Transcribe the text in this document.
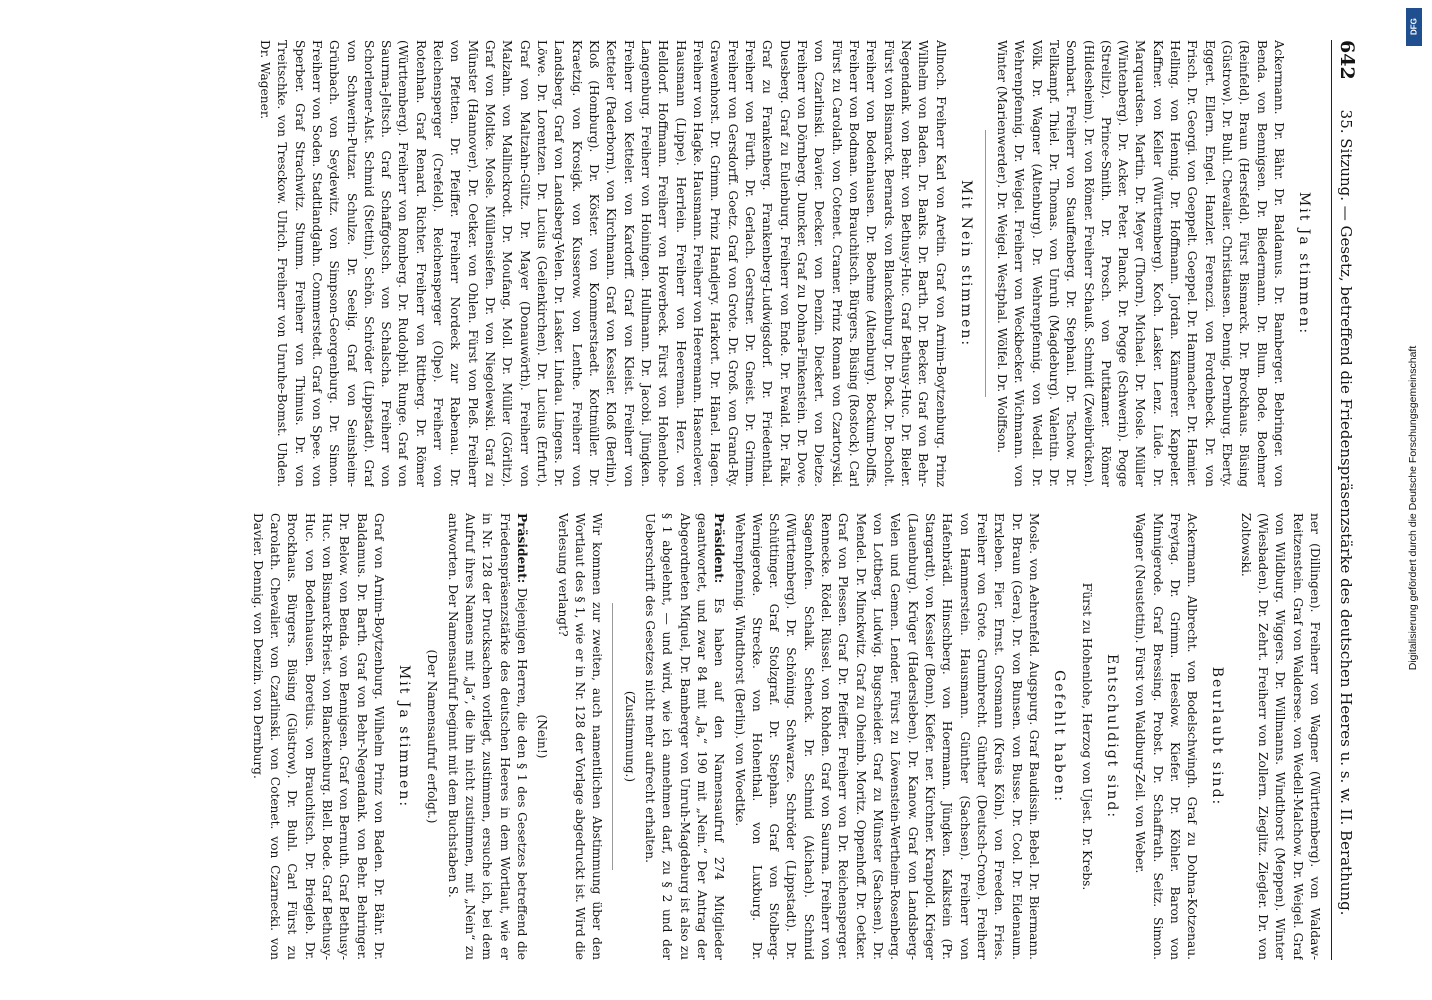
642
35. Sitzung. — Gesetz, betreffend die Friedenspräsenzstärke des deutschen Heeres u. s. w. II. Berathung.
Mit Ja stimmen:

Ackermann. Dr. Bähr. Dr. Baldamus. Dr. Bamberger. Bebringer. von Benda. von Bennigsen. Dr. Biedermann. Dr. Blum. Bode. Boehmer (Reinfeld). Braun (Hersfeld). Fürst Bismarck. Dr. Brockhaus. Büsing (Güstrow). Dr. Buhl. Chevalier. Christiansen. Dennig. Dernburg. Eberty. Eggert. Ellern. Engel. Hanzler. Ferenczi. von Fordenbeck. Dr. von Frisch. Dr. Georgi. von Goeppelt. Goeppel. Dr. Hammacher. Dr. Hamier. Helling. von Hennig. Dr. Hoffmann. Jordan. Kämmerer. Kappeler. Kaffner. von Keller (Württemberg). Koch. Lasker. Lenz. Lüde. Dr. Marquardsen. Martin. Dr. Meyer (Thorn). Michael. Dr. Mosle. Müller (Wintenberg). Dr. Acker. Peter. Planck. Dr. Pogge (Schwerin). Pogge (Strelitz). Prince-Smith. Dr. Prosch. von Puttkamer. Römer (Hildesheim). Dr. von Römer. Freiherr Schauß. Schmidt (Zweibrücken). Sombart. Freiherr von Stauffenberg. Dr. Stephani. Dr. Tschow. Dr. Tellkampf. Thiel. Dr. Thomas. von Unruh (Magdeburg). Valentin. Dr. Völk. Dr. Wagner (Altenburg). Dr. Wehrenpfennig. von Wedell. Dr. Wehrenpfennig. Dr. Weigel. Freiherr von Weckbecker. Wichmann. von Winter (Marienwerder). Dr. Weigel. Westphal. Wölfel. Dr. Wolffson.

Mit Nein stimmen:

Allnoch. Freiherr Karl von Aretin. Graf von Arnim-Boytzenburg. Prinz Wilhelm von Baden. Dr. Banks. Dr. Barth. Dr. Becker. Graf von Behr-Negendank. von Behr. von Bethusy-Huc. Graf Bethusy-Huc. Dr. Bieler. Fürst von Bismarck. Bernards. von Blanckenburg. Dr. Bock. Dr. Bocholt. Freiherr von Bodenhausen. Dr. Boehme (Altenburg). Bockum-Dolffs. Freiherr von Bodman. von Brauchitsch. Bürgers. Büsing (Rostock). Carl Fürst zu Carolath. von Cotenet. Cramer. Prinz Roman von Czartoryski. von Czarlinski. Davier. Decker. von Denzin. Dieckert. von Dietze. Freiherr von Dörnberg. Duncker. Graf zu Dohna-Finkenstein. Dr. Dove. Duesberg. Graf zu Eulenburg. Freiherr von Ende. Dr. Ewald. Dr. Falk. Graf zu Frankenberg. Frankenberg-Ludwigsdorf. Dr. Friedenthal. Freiherr von Fürth. Dr. Gerlach. Gerstner. Dr. Gneist. Dr. Grimm. Freiherr von Gersdorff. Goetz. Graf von Grote. Dr. Groß. von Grand-Ry. Grawenhorst. Dr. Grimm. Prinz Handjery. Harkort. Dr. Hänel. Hagen. Freiherr von Hagke. Hausmann. Freiherr von Heeremann. Hasenclever. Hausmann (Lippe). Herrlein. Freiherr von Heereman. Herz. von Helldorf. Hoffmann. Freiherr von Hoverbeck. Fürst von Hohenlohe-Langenburg. Freiherr von Hoiningen. Hullmann. Dr. Jacobi. Jüngken. Freiherr von Ketteler. von Kardorff. Graf von Kleist. Freiherr von Ketteler (Paderborn). von Kirchmann. Graf von Kessler. Kloß (Berlin). Kloß (Homburg). Dr. Köster. von Kommerstaedt. Kottmüller. Dr. Kraetzig. von Krosigk. von Kusserow. von Lenthe. Freiherr von Landsberg. Graf von Landsberg-Velen. Dr. Lasker. Lindau. Lingens. Dr. Löwe. Dr. Lorentzen. Dr. Lucius (Geilenkirchen). Dr. Lucius (Erfurt). Graf von Maltzahn-Gültz. Dr. Mayer (Donauwörth). Freiherr von Malzahn. von Mallinckrodt. Dr. Moufang. Moll. Dr. Müller (Görlitz). Graf von Moltke. Mosle. Müllensiefen. Dr. von Niegolewski. Graf zu Münster (Hannover). Dr. Oetker. von Ohlen. Fürst von Pleß. Freiherr von Pfetten. Dr. Pfeiffer. Freiherr Nordeck zur Rabenau. Dr. Reichensperger (Crefeld). Reichensperger (Olpe). Freiherr von Rotenhan. Graf Renard. Richter. Freiherr von Rittberg. Dr. Römer (Württemberg). Freiherr von Romberg. Dr. Rudolphi. Runge. Graf von Saurma-Jeltsch. Graf Schaffgotsch. von Schalscha. Freiherr von Schorlemer-Alst. Schmid (Stettin). Schön. Schröder (Lippstadt). Graf von Schwerin-Putzar. Schulze. Dr. Seelig. Graf von Seinsheim-Grünbach. von Seydewitz. von Simpson-Georgenburg. Dr. Simon. Freiherr von Soden. Stadtlandgahn. Commerstedt. Graf von Spee. von Sperber. Graf Strachwitz. Stumm. Freiherr von Thimus. Dr. von Treitschke. von Tresckow. Ulrich. Freiherr von Unruhe-Bomst. Uhden. Dr. Wagener.

ner (Dillingen). Freiherr von Wagner (Württemberg). von Waldaw-Reitzenstein. Graf von Waldersee. von Wedell-Malchow. Dr. Weigel. Graf von Wildburg. Wiggers. Dr. Willmanns. Windthorst (Meppen). Winter (Wiesbaden). Dr. Zehrt. Freiherr von Zollern. Zieglitz. Ziegler. Dr. von Zoltowski.

Beurlaubt sind:

Ackermann. Albrecht. von Bodelschwingh. Graf zu Dohna-Kotzenau. Freytag. Dr. Grimm. Heeslow. Kiefer. Dr. Köhler. Baron von Minnigerode. Graf Bressing. Probst. Dr. Schaffrath. Seitz. Simon. Wagner (Neustettin). Fürst von Waldburg-Zeil. von Weber.

Entschuldigt sind:

Fürst zu Hohenlohe, Herzog von Ujest. Dr. Krebs.

Gefehlt haben:

Mosle. von Aehrenfeld. Augspurg. Graf Baudissin. Bebel. Dr. Biermann. Dr. Braun (Gera). Dr. von Bunsen. von Busse. Dr. Cool. Dr. Eidenaum. Erxleben. Fier. Ernst. Grosmann (Kreis Köln). von Freeden. Fries. Freiherr von Grote. Grumbrecht. Günther (Deutsch-Crone). Freiherr von Hammerstein. Hausmann. Günther (Sachsen). Freiherr von Hafenbrädl. Hinschberg. von Hoermann. Jüngken. Kalkstein (Pr. Stargardt). von Kessler (Bonn). Kiefer. ner. Kirchner. Kranpold. Krieger (Lauenburg). Krüger (Hadersleben). Dr. Kanow. Graf von Landsberg-Velen und Gemen. Lender. Fürst zu Löwenstein-Wertheim-Rosenberg. von Lottberg. Ludwig. Bugscheider. Graf zu Münster (Sachsen). Dr. Mendel. Dr. Minckwitz. Graf zu Oheimb. Moritz. Oppenhoff. Dr. Oetker. Graf von Plessen. Graf Dr. Pfeiffer. Freiherr von Dr. Reichensperger. Rennecke. Rödel. Rüssel. von Rohden. Graf von Saurma. Freiherr von Sagenhofen. Schalk. Schenck. Dr. Schmid (Aichach). Schmid (Württemberg). Dr. Schöning. Schwarze. Schröder (Lippstadt). Dr. Schüttinger. Graf Stolzgraf. Dr. Stephan. Graf von Stolberg-Wernigerode. Strecke. von Hohenthal. von Luxburg. Dr. Wehrenpfennig. Windthorst (Berlin). von Woedtke.

Präsident: Es haben auf den Namensaufruf 274 Mitglieder geantwortet, und zwar 84 mit „Ja,“ 190 mit „Nein.“ Der Antrag der Abgeordneten Miquel, Dr. Bamberger von Unruh-Magdeburg ist also zu § 1 abgelehnt, — und wird, wie ich annehmen darf, zu § 2 und der Ueberschrift des Gesetzes nicht mehr aufrecht erhalten.

(Zustimmung.)

Wir kommen zur zweiten, auch namentlichen Abstimmung über den Wortlaut des § 1, wie er in Nr. 128 der Vorlage abgedruckt ist. Wird die Verlesung verlangt?

(Nein!)

Präsident: Diejenigen Herren, die den § 1 des Gesetzes betreffend die Friedenspräsenzstärke des deutschen Heeres in dem Wortlaut, wie er in Nr. 128 der Drucksachen vorliegt, zustimmen, ersuche ich, bei dem Aufruf ihres Namens mit „Ja“, die ihn nicht zustimmen, mit „Nein“ zu antworten. Der Namensaufruf beginnt mit dem Buchstaben S.

(Der Namensaufruf erfolgt.)

Mit Ja stimmen:

Graf von Arnim-Boytzenburg. Wilhelm Prinz von Baden. Dr. Bähr. Dr. Baldamus. Dr. Barth. Graf von Behr-Negendank. von Behr. Behringer. Dr. Below. von Benda. von Bennigsen. Graf von Bernuth. Graf Bethusy-Huc. von Bismarck-Briest. von Blanckenburg. Blell. Bode. Graf Bethusy-Huc. von Bodenhausen. Boretius. von Brauchitsch. Dr. Briegleb. Dr. Brockhaus. Bürgers. Büsing (Güstrow). Dr. Buhl. Carl Fürst zu Carolath. Chevalier. von Czarlinski. von Cotenet. von Czarnecki. von Davier. Dennig. von Denzin. von Dernburg.

DFG
Digitalisierung gefördert durch die Deutsche Forschungsgemeinschaft
